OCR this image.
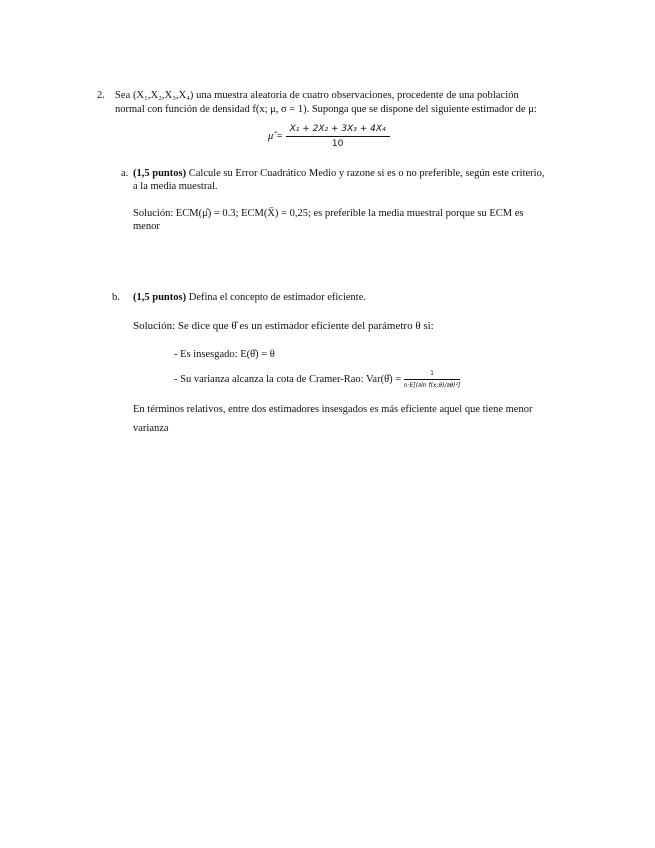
2. Sea (X₁,X₂,X₃,X₄) una muestra aleatoria de cuatro observaciones, procedente de una población
normal con función de densidad f(x; μ, σ = 1). Suponga que se dispone del siguiente estimador de μ:
μ̂ = $\frac{\text{X₁ + 2X₂ + 3X₃ + 4X₄}}{10}$
a. (1,5 puntos) Calcule su Error Cuadrático Medio y razone si es o no preferible, según este criterio,
a la media muestral.
Solución: ECM(μ̂) = 0.3; ECM(X̄) = 0,25; es preferible la media muestral porque su ECM es
menor
b. (1,5 puntos) Defina el concepto de estimador eficiente.
Solución: Se dice que θ̂ es un estimador eficiente del parámetro θ si:
- Es insesgado: E(θ̂) = θ
- Su varianza alcanza la cota de Cramer-Rao: Var(θ̂) = $\frac{1}{\text{n·E[(∂ln f(x;θ)/∂θ)²]}}$
En términos relativos, entre dos estimadores insesgados es más eficiente aquel que tiene menor
varianza
